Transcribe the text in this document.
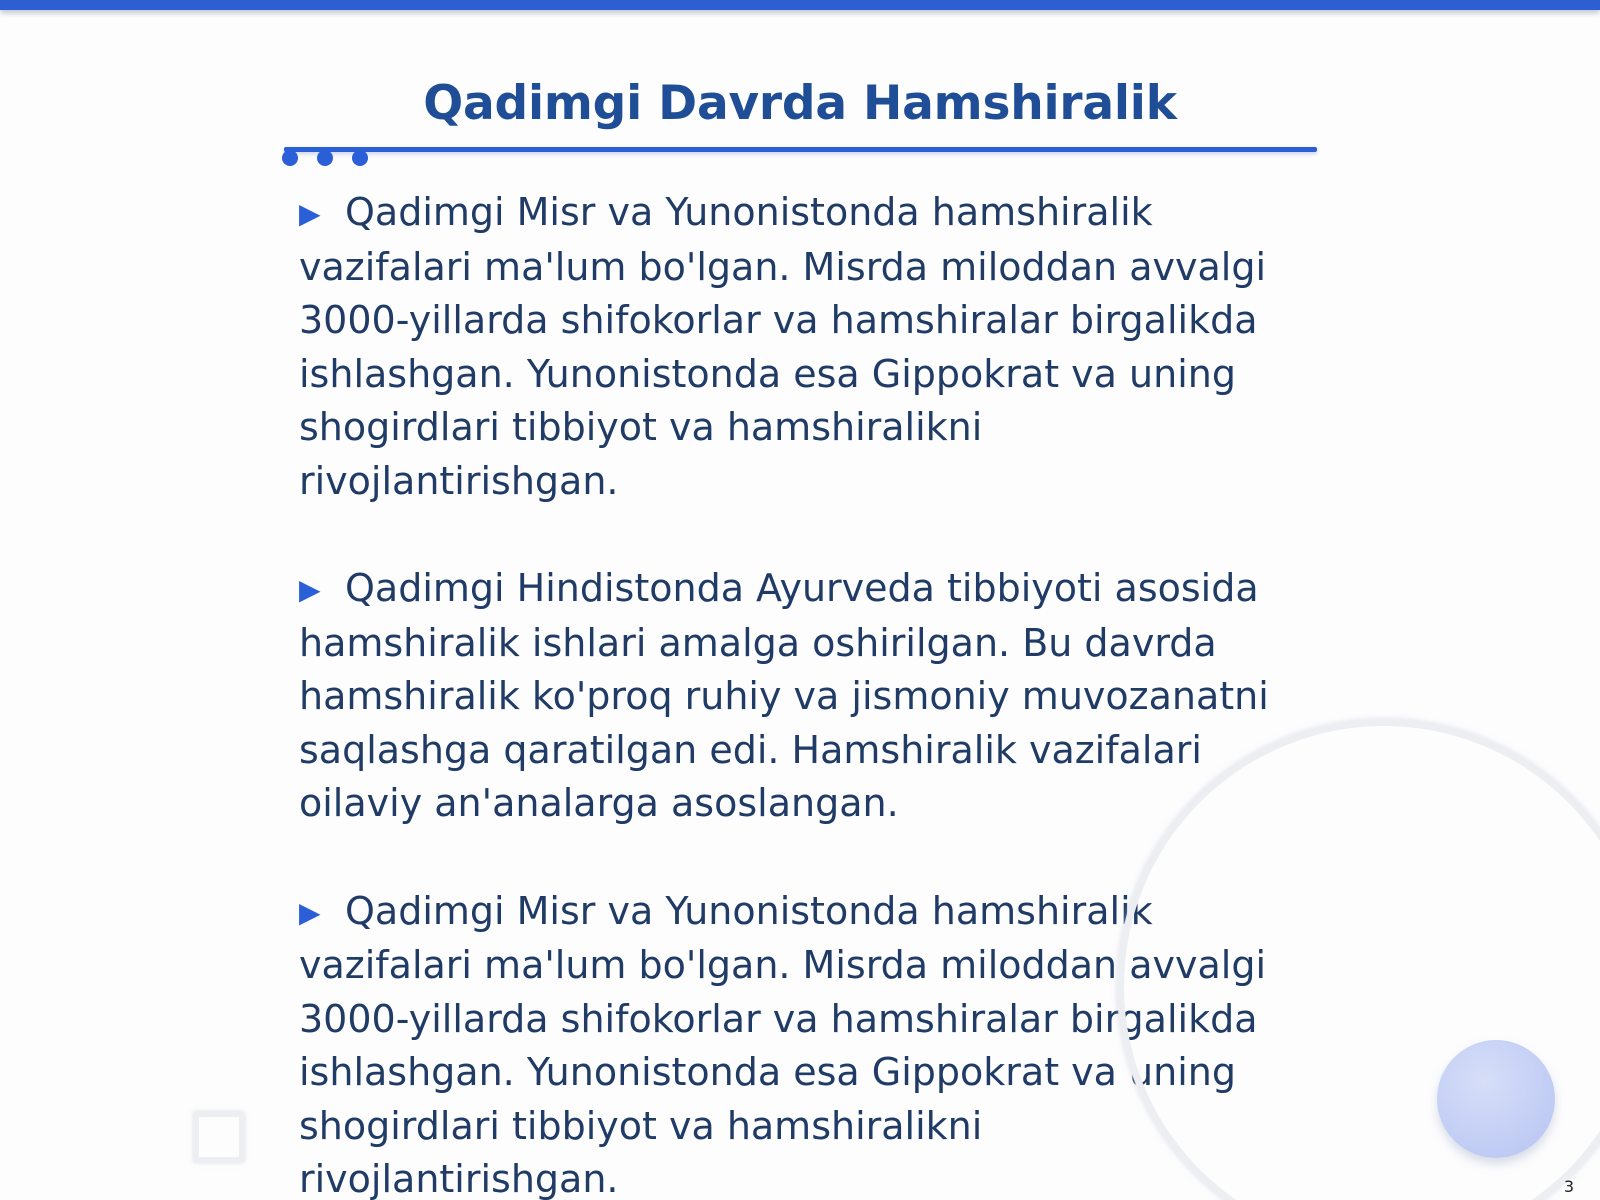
Qadimgi Davrda Hamshiralik

▶ Qadimgi Misr va Yunonistonda hamshiralik vazifalari ma'lum bo'lgan. Misrda miloddan avvalgi 3000-yillarda shifokorlar va hamshiralar birgalikda ishlashgan. Yunonistonda esa Gippokrat va uning shogirdlari tibbiyot va hamshiralikni rivojlantirishgan.

▶ Qadimgi Hindistonda Ayurveda tibbiyoti asosida hamshiralik ishlari amalga oshirilgan. Bu davrda hamshiralik ko'proq ruhiy va jismoniy muvozanatni saqlashga qaratilgan edi. Hamshiralik vazifalari oilaviy an'analarga asoslangan.

▶ Qadimgi Misr va Yunonistonda hamshiralik vazifalari ma'lum bo'lgan. Misrda miloddan avvalgi 3000-yillarda shifokorlar va hamshiralar birgalikda ishlashgan. Yunonistonda esa Gippokrat va uning shogirdlari tibbiyot va hamshiralikni rivojlantirishgan.	3
